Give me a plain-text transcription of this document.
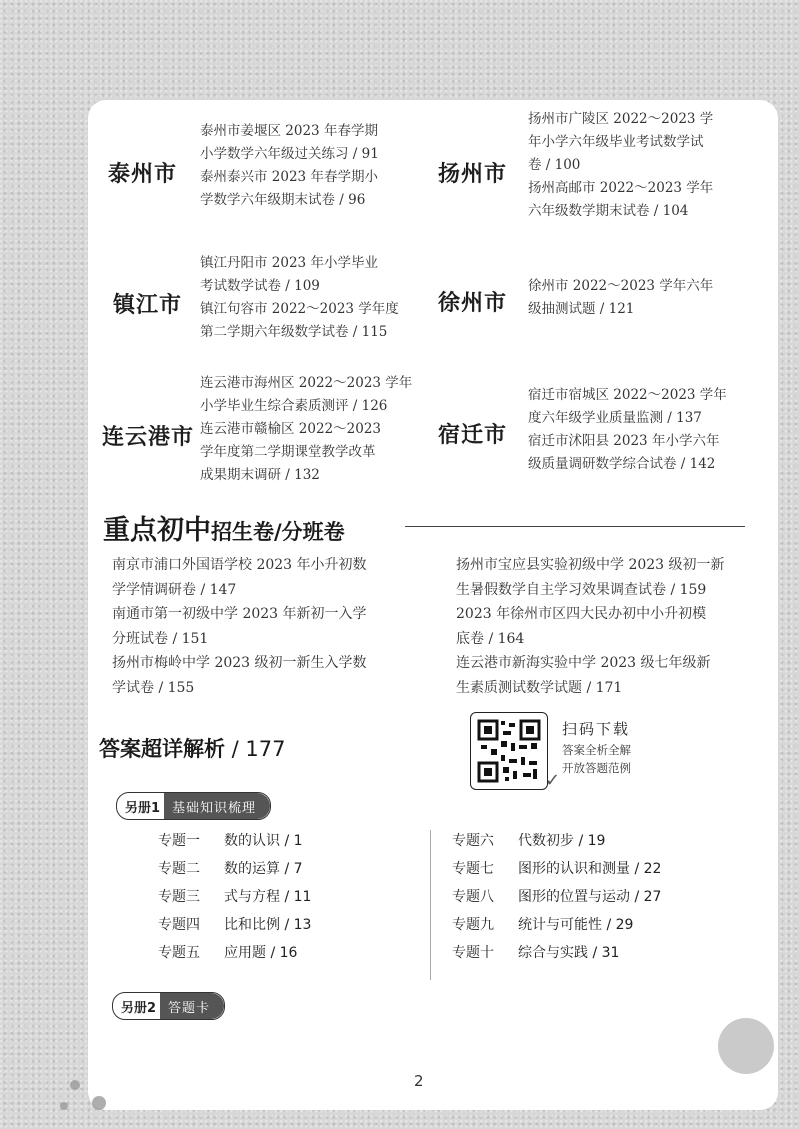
泰州市
泰州市姜堰区 2023 年春学期
小学数学六年级过关练习 / 91
泰州泰兴市 2023 年春学期小
学数学六年级期末试卷 / 96
扬州市
扬州市广陵区 2022～2023 学
年小学六年级毕业考试数学试
卷 / 100
扬州高邮市 2022～2023 学年
六年级数学期末试卷 / 104
镇江市
镇江丹阳市 2023 年小学毕业
考试数学试卷 / 109
镇江句容市 2022～2023 学年度
第二学期六年级数学试卷 / 115
徐州市
徐州市 2022～2023 学年六年
级抽测试题 / 121
连云港市
连云港市海州区 2022～2023 学年
小学毕业生综合素质测评 / 126
连云港市赣榆区 2022～2023
学年度第二学期课堂教学改革
成果期末调研 / 132
宿迁市
宿迁市宿城区 2022～2023 学年
度六年级学业质量监测 / 137
宿迁市沭阳县 2023 年小学六年
级质量调研数学综合试卷 / 142
重点初中招生卷/分班卷
南京市浦口外国语学校 2023 年小升初数
学学情调研卷 / 147
南通市第一初级中学 2023 年新初一入学
分班试卷 / 151
扬州市梅岭中学 2023 级初一新生入学数
学试卷 / 155
扬州市宝应县实验初级中学 2023 级初一新
生暑假数学自主学习效果调查试卷 / 159
2023 年徐州市区四大民办初中小升初模
底卷 / 164
连云港市新海实验中学 2023 级七年级新
生素质测试数学试题 / 171
答案超详解析 / 177
✓
扫码下载
答案全析全解
开放答题范例
另册1 基础知识梳理
专题一 数的认识 / 1
专题二 数的运算 / 7
专题三 式与方程 / 11
专题四 比和比例 / 13
专题五 应用题 / 16
专题六 代数初步 / 19
专题七 图形的认识和测量 / 22
专题八 图形的位置与运动 / 27
专题九 统计与可能性 / 29
专题十 综合与实践 / 31
另册2 答题卡
2
